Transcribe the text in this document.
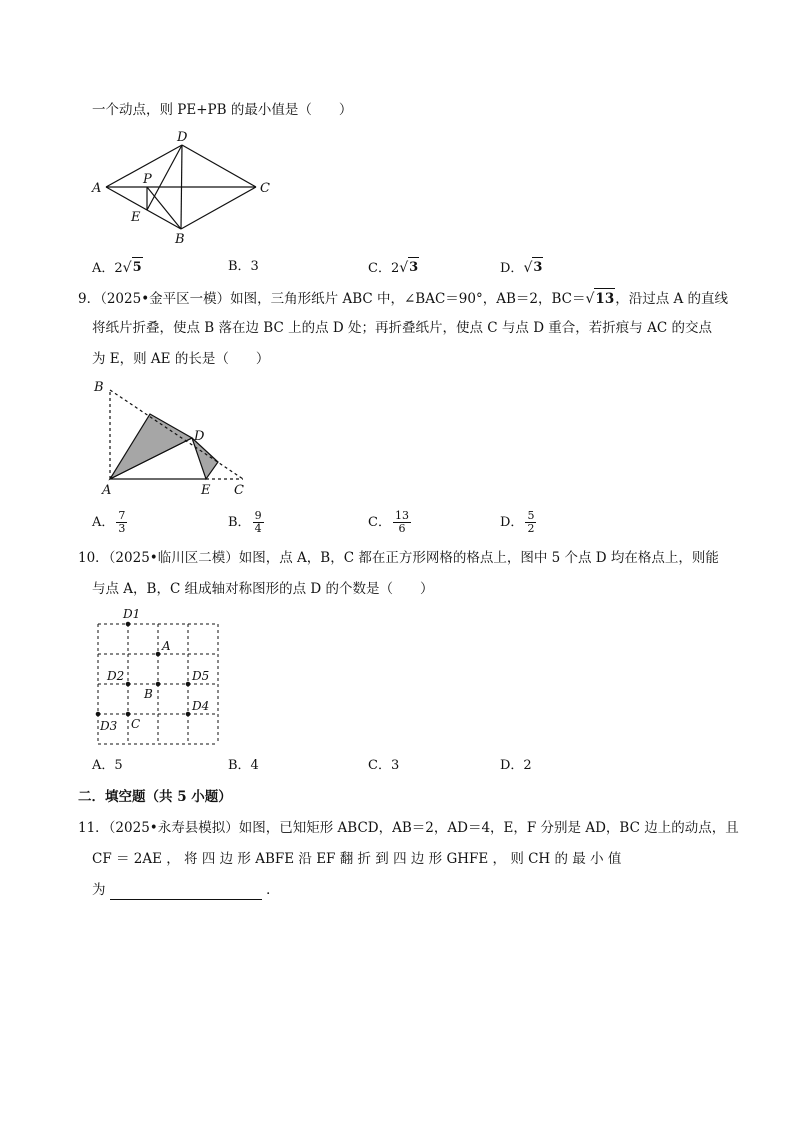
一个动点，则 PE+PB 的最小值是（　　）
D
A
P
C
E
B
A．2 √ 5	B．3	C．2 √ 3	D． √ 3
9．（2025•金平区一模）如图，三角形纸片 ABC 中，∠BAC＝90°，AB＝2，BC＝ √ 13 ，沿过点 A 的直线
将纸片折叠，使点 B 落在边 BC 上的点 D 处；再折叠纸片，使点 C 与点 D 重合，若折痕与 AC 的交点
为 E，则 AE 的长是（　　）
B
D
A	E C
A． $\frac{7}{3}$	B． $\frac{9}{4}$	C． $\frac{13}{6}$	D． $\frac{5}{2}$
10．（2025•临川区二模）如图，点 A，B，C 都在正方形网格的格点上，图中 5 个点 D 均在格点上，则能
与点 A，B，C 组成轴对称图形的点 D 的个数是（　　）
D1
A
D2	D5
B
D4
D3 C
A．5	B．4	C．3	D．2
二．填空题（共 5 小题）
11．（2025•永寿县模拟）如图，已知矩形 ABCD，AB＝2，AD＝4，E，F 分别是 AD，BC 边上的动点，且
CF ＝ 2AE ， 将 四 边 形 ABFE 沿 EF 翻 折 到 四 边 形 GHFE ， 则 CH 的 最 小 值
为	．
